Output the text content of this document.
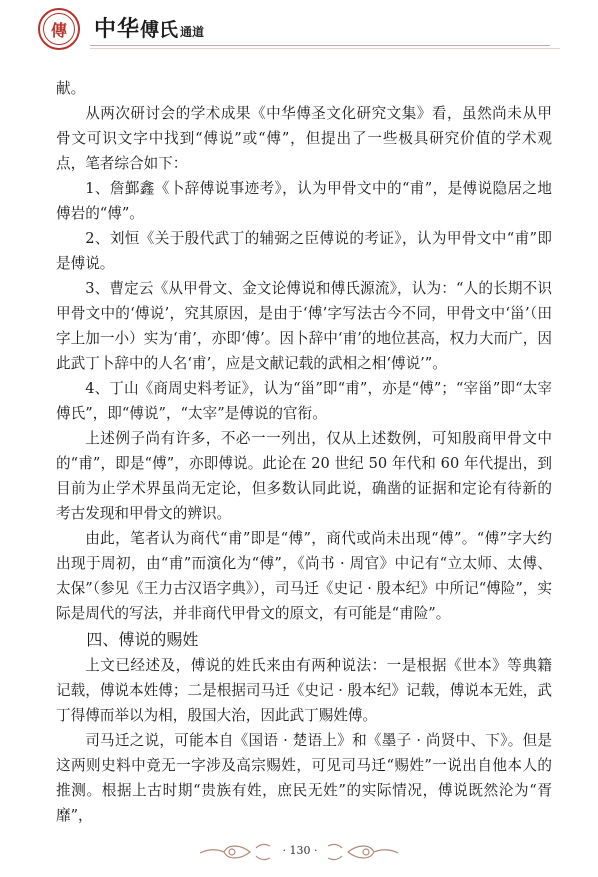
傳	中华傅氏 通道

献。

从两次研讨会的学术成果《中华傅圣文化研究文集》看，虽然尚未从甲骨文可识文字中找到“傅说”或“傅”，但提出了一些极具研究价值的学术观点，笔者综合如下：

1、詹鄞鑫《卜辞傅说事迹考》，认为甲骨文中的“甫”，是傅说隐居之地傅岩的“傅”。

2、刘恒《关于殷代武丁的辅弼之臣傅说的考证》，认为甲骨文中“甫”即是傅说。

3、曹定云《从甲骨文、金文论傅说和傅氏源流》，认为：“人的长期不识甲骨文中的‘傅说’，究其原因，是由于‘傅’字写法古今不同，甲骨文中‘甾’（田字上加一小）实为‘甫’，亦即‘傅’。因卜辞中‘甫’的地位甚高，权力大而广，因此武丁卜辞中的人名‘甫’，应是文献记载的武相之相‘傅说’”。

4、丁山《商周史料考证》，认为“甾”即“甫”，亦是“傅”；“宰甾”即“太宰傅氏”，即“傅说”，“太宰”是傅说的官衔。

上述例子尚有许多，不必一一列出，仅从上述数例，可知殷商甲骨文中的“甫”，即是“傅”，亦即傅说。此论在 20 世纪 50 年代和 60 年代提出，到目前为止学术界虽尚无定论，但多数认同此说，确凿的证据和定论有待新的考古发现和甲骨文的辨识。

由此，笔者认为商代“甫”即是“傅”，商代或尚未出现“傅”。“傅”字大约出现于周初，由“甫”而演化为“傅”，《尚书 · 周官》中记有“立太师、太傅、太保”（参见《王力古汉语字典》），司马迁《史记 · 殷本纪》中所记“傅险”，实际是周代的写法，并非商代甲骨文的原文，有可能是“甫险”。

四、傅说的赐姓

上文已经述及，傅说的姓氏来由有两种说法：一是根据《世本》等典籍记载，傅说本姓傅；二是根据司马迁《史记 · 殷本纪》记载，傅说本无姓，武丁得傅而举以为相，殷国大治，因此武丁赐姓傅。

司马迁之说，可能本自《国语 · 楚语上》和《墨子 · 尚贤中、下》。但是这两则史料中竟无一字涉及高宗赐姓，可见司马迁“赐姓”一说出自他本人的推测。根据上古时期“贵族有姓，庶民无姓”的实际情况，傅说既然沦为“胥靡”，

· 130 ·
